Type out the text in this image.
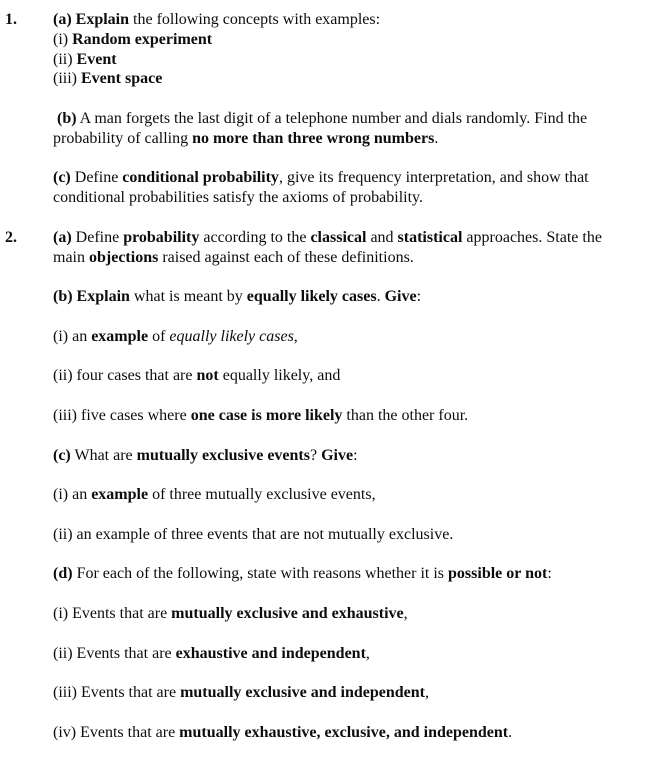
1.	(a) Explain the following concepts with examples:
(i) Random experiment
(ii) Event
(iii) Event space
(b) A man forgets the last digit of a telephone number and dials randomly. Find the
probability of calling no more than three wrong numbers.
(c) Define conditional probability, give its frequency interpretation, and show that
conditional probabilities satisfy the axioms of probability.
2.	(a) Define probability according to the classical and statistical approaches. State the
main objections raised against each of these definitions.
(b) Explain what is meant by equally likely cases. Give:
(i) an example of equally likely cases,
(ii) four cases that are not equally likely, and
(iii) five cases where one case is more likely than the other four.
(c) What are mutually exclusive events? Give:
(i) an example of three mutually exclusive events,
(ii) an example of three events that are not mutually exclusive.
(d) For each of the following, state with reasons whether it is possible or not:
(i) Events that are mutually exclusive and exhaustive,
(ii) Events that are exhaustive and independent,
(iii) Events that are mutually exclusive and independent,
(iv) Events that are mutually exhaustive, exclusive, and independent.
